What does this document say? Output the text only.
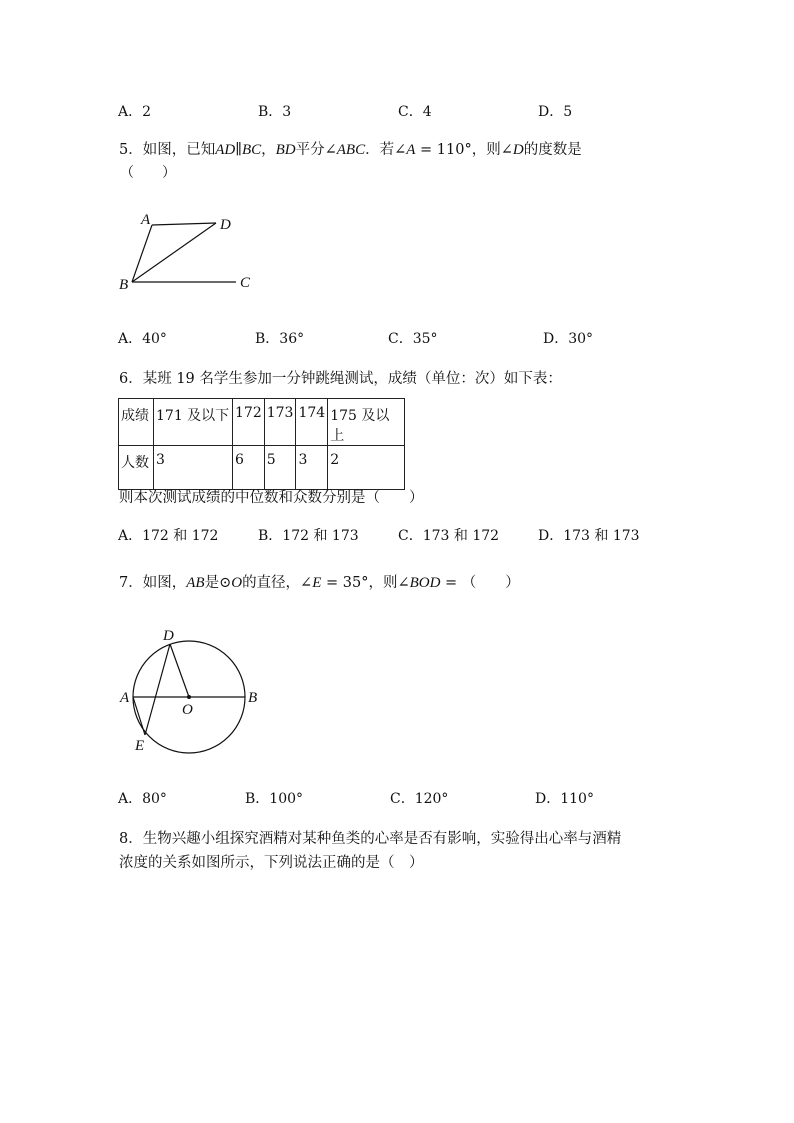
A．2	B．3	C．4	D．5
5．如图，已知AD∥BC，BD平分∠ABC．若∠A = 110°，则∠D的度数是
（　　）
A	D
B	C
A．40°	B．36°	C．35°	D．30°
6．某班 19 名学生参加一分钟跳绳测试，成绩（单位：次）如下表：
成绩	171 及以下	172	173	174	175 及以上
人数	3	6	5	3	2
则本次测试成绩的中位数和众数分别是（　　）
A．172 和 172	B．172 和 173	C．173 和 172	D．173 和 173
7．如图，AB是⊙O的直径，∠E = 35°，则∠BOD = （　　）
D
A
O
B
E
A．80°	B．100°	C．120°	D．110°
8．生物兴趣小组探究酒精对某种鱼类的心率是否有影响，实验得出心率与酒精
浓度的关系如图所示，下列说法正确的是（　）
